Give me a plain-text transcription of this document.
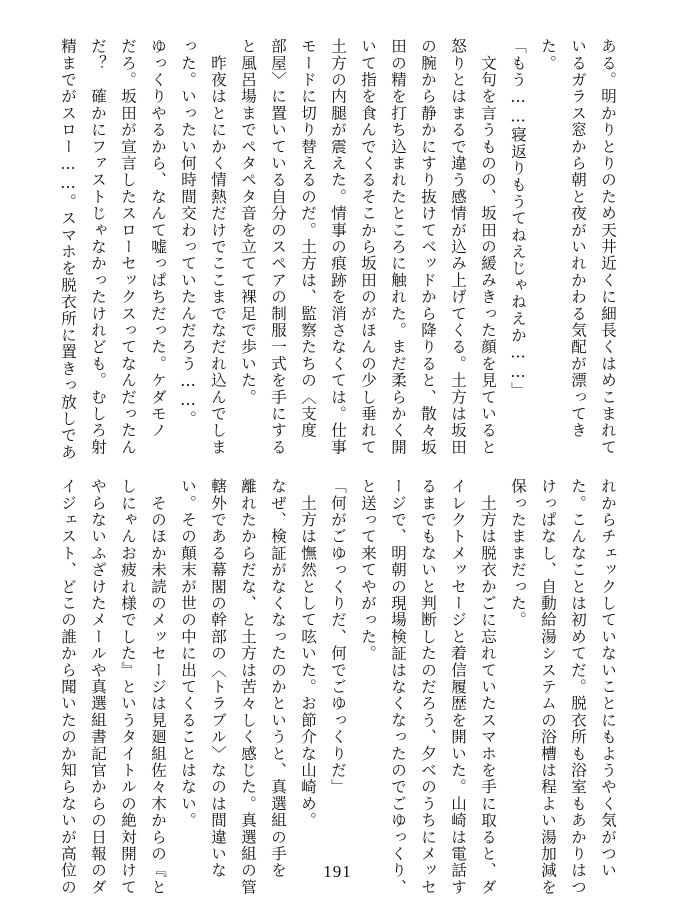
ある。明かりとりのため天井近くに細長くはめこまれて
いるガラス窓から朝と夜がいれかわる気配が漂ってき
た。
「もう……寝返りもうてねえじゃねえか……」
　文句を言うものの、坂田の緩みきった顔を見ていると
怒りとはまるで違う感情が込み上げてくる。土方は坂田
の腕から静かにすり抜けてベッドから降りると、散々坂
田の精を打ち込まれたところに触れた。まだ柔らかく開
いて指を食んでくるそこから坂田のがほんの少し垂れて
土方の内腿が震えた。情事の痕跡を消さなくては。仕事
モードに切り替えるのだ。土方は、監察たちの〈支度
部屋〉に置いている自分のスペアの制服一式を手にする
と風呂場までペタペタ音を立てて裸足で歩いた。
　昨夜はとにかく情熱だけでここまでなだれ込んでしま
った。いったい何時間交わっていたんだろう……。
ゆっくりやるから、なんて嘘っぱちだった。ケダモノ
だろ。坂田が宣言したスローセックスってなんだったん
だ？　確かにファストじゃなかったけれども。むしろ射
精までがスロー……。スマホを脱衣所に置きっ放しであ
れからチェックしていないことにもようやく気がつい
た。こんなことは初めてだ。脱衣所も浴室もあかりはつ
けっぱなし、自動給湯システムの浴槽は程よい湯加減を
保ったままだった。
　土方は脱衣かごに忘れていたスマホを手に取ると、ダ
イレクトメッセージと着信履歴を開いた。山崎は電話す
るまでもないと判断したのだろう、夕べのうちにメッセ
ージで、明朝の現場検証はなくなったのでごゆっくり、
と送って来てやがった。
「何がごゆっくりだ、何でごゆっくりだ」
　土方は憮然として呟いた。お節介な山崎め。
なぜ、検証がなくなったのかというと、真選組の手を
離れたからだな、と土方は苦々しく感じた。真選組の管
轄外である幕閣の幹部の〈トラブル〉なのは間違いな
い。その顛末が世の中に出てくることはない。
　そのほか未読のメッセージは見廻組佐々木からの『と
しにゃんお疲れ様でした』というタイトルの絶対開けて
やらないふざけたメールや真選組書記官からの日報のダ
イジェスト、どこの誰から聞いたのか知らないが高位の	191
